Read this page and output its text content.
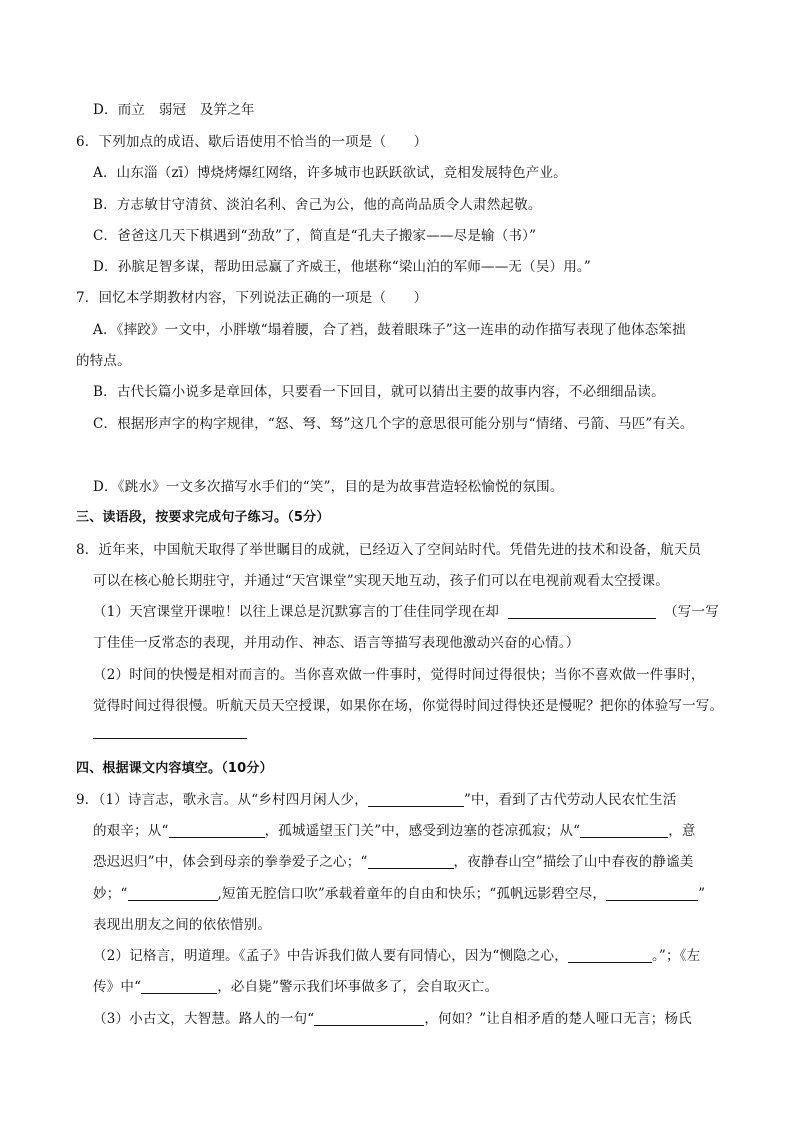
D．而立　弱冠　及笄之年
6．下列加点的成语、歇后语使用不恰当的一项是（　　）
A．山东淄（zī）博烧烤爆红网络，许多城市也跃跃欲试，竞相发展特色产业。
B．方志敏甘守清贫、淡泊名利、舍己为公，他的高尚品质令人肃然起敬。
C．爸爸这几天下棋遇到“劲敌”了，简直是“孔夫子搬家——尽是输（书）”
D．孙膑足智多谋，帮助田忌赢了齐威王，他堪称“梁山泊的军师——无（吴）用。”
7．回忆本学期教材内容，下列说法正确的一项是（　　）
A．《摔跤》一文中，小胖墩“塌着腰，合了裆，鼓着眼珠子”这一连串的动作描写表现了他体态笨拙
的特点。
B．古代长篇小说多是章回体，只要看一下回目，就可以猜出主要的故事内容，不必细细品读。
C．根据形声字的构字规律，“怒、弩、驽”这几个字的意思很可能分别与“情绪、弓箭、马匹”有关。
D．《跳水》一文多次描写水手们的“笑”，目的是为故事营造轻松愉悦的氛围。
三、读语段，按要求完成句子练习。（5分）
8．近年来，中国航天取得了举世瞩目的成就，已经迈入了空间站时代。凭借先进的技术和设备，航天员
可以在核心舱长期驻守，并通过“天宫课堂”实现天地互动，孩子们可以在电视前观看太空授课。
（1）天宫课堂开课啦！以往上课总是沉默寡言的丁佳佳同学现在却	（写一写
丁佳佳一反常态的表现，并用动作、神态、语言等描写表现他激动兴奋的心情。）
（2）时间的快慢是相对而言的。当你喜欢做一件事时，觉得时间过得很快；当你不喜欢做一件事时，
觉得时间过得很慢。听航天员天空授课，如果你在场，你觉得时间过得快还是慢呢？把你的体验写一写。
四、根据课文内容填空。（10分）
9．（1）诗言志，歌永言。从“乡村四月闲人少，	”中，看到了古代劳动人民农忙生活
的艰辛；从“	，孤城遥望玉门关”中，感受到边塞的苍凉孤寂；从“	，意
恐迟迟归”中，体会到母亲的拳拳爱子之心；“	，夜静春山空”描绘了山中春夜的静谧美
妙；“	,短笛无腔信口吹”承载着童年的自由和快乐；“孤帆远影碧空尽，	”
表现出朋友之间的依依惜别。
（2）记格言，明道理。《孟子》中告诉我们做人要有同情心，因为“恻隐之心，	。”；《左
传》中“	，必自毙”警示我们坏事做多了，会自取灭亡。
（3）小古文，大智慧。路人的一句“	，何如？”让自相矛盾的楚人哑口无言；杨氏
